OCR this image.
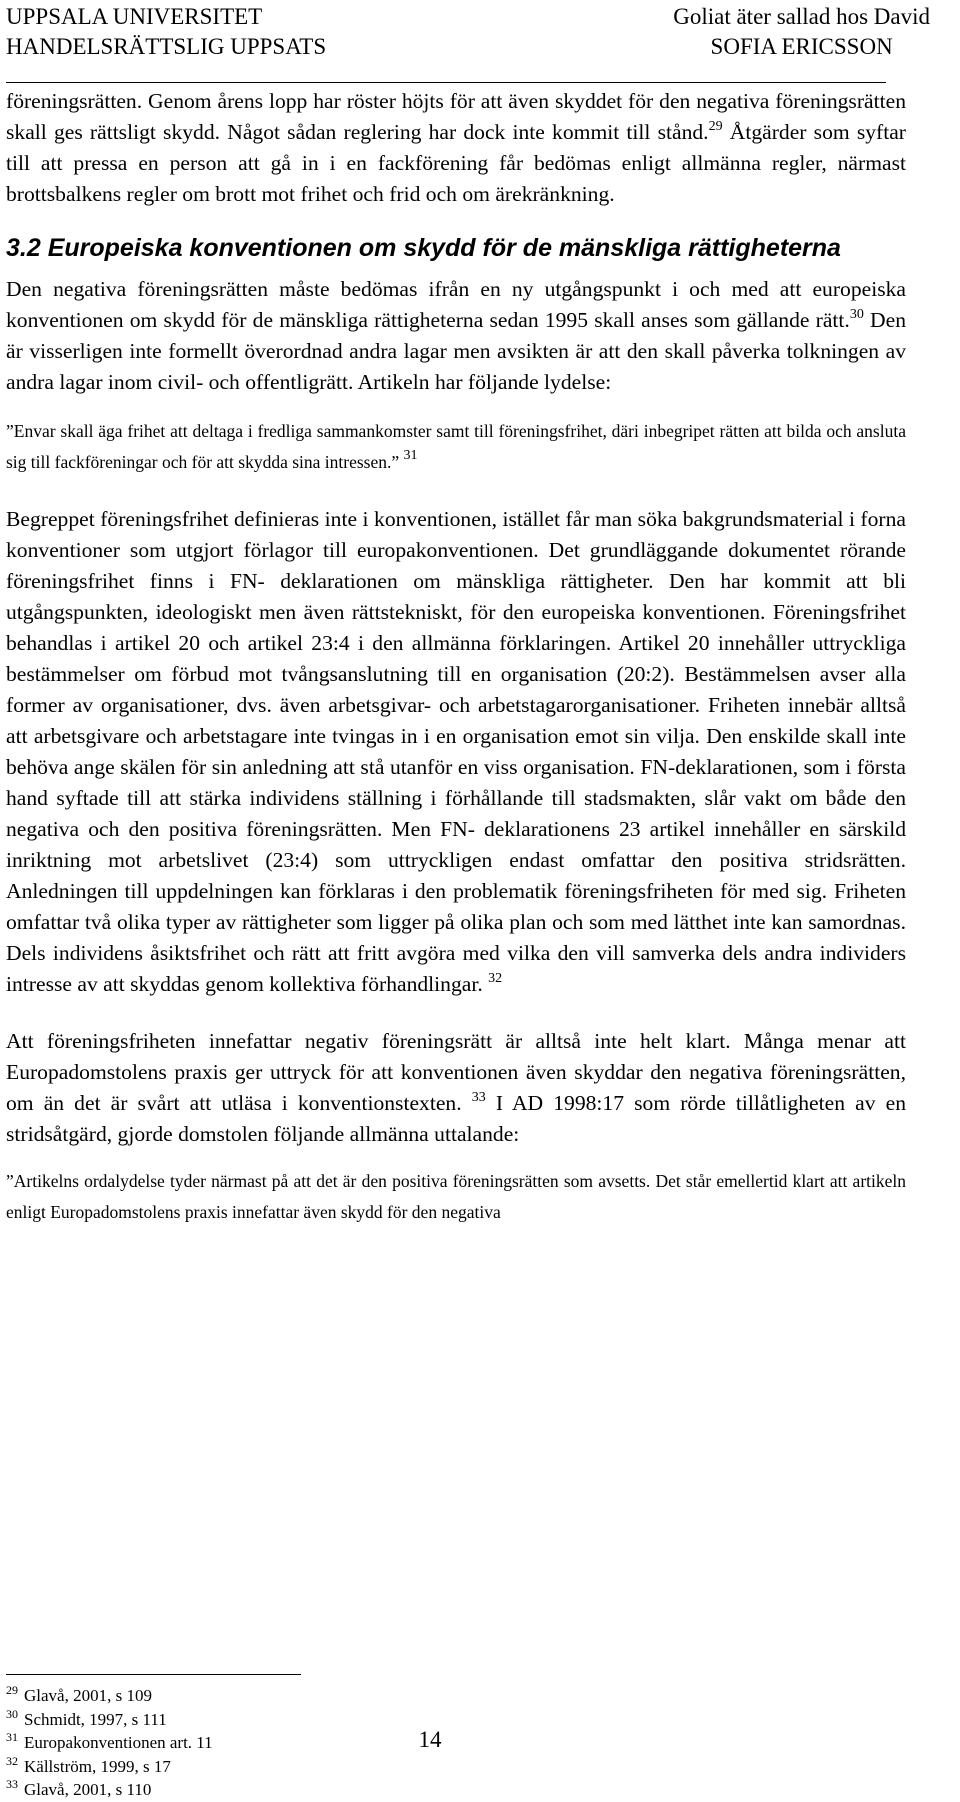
UPPSALA UNIVERSITET
HANDELSRÄTTSLIG UPPSATS
Goliat äter sallad hos David
SOFIA ERICSSON

föreningsrätten. Genom årens lopp har röster höjts för att även skyddet för den negativa föreningsrätten skall ges rättsligt skydd. Något sådan reglering har dock inte kommit till stånd.$^{29}$ Åtgärder som syftar till att pressa en person att gå in i en fackförening får bedömas enligt allmänna regler, närmast brottsbalkens regler om brott mot frihet och frid och om ärekränkning.

3.2 Europeiska konventionen om skydd för de mänskliga rättigheterna

Den negativa föreningsrätten måste bedömas ifrån en ny utgångspunkt i och med att europeiska konventionen om skydd för de mänskliga rättigheterna sedan 1995 skall anses som gällande rätt.$^{30}$ Den är visserligen inte formellt överordnad andra lagar men avsikten är att den skall påverka tolkningen av andra lagar inom civil- och offentligrätt. Artikeln har följande lydelse:

”Envar skall äga frihet att deltaga i fredliga sammankomster samt till föreningsfrihet, däri inbegripet rätten att bilda och ansluta sig till fackföreningar och för att skydda sina intressen.” $^{31}$

Begreppet föreningsfrihet definieras inte i konventionen, istället får man söka bakgrundsmaterial i forna konventioner som utgjort förlagor till europakonventionen. Det grundläggande dokumentet rörande föreningsfrihet finns i FN- deklarationen om mänskliga rättigheter. Den har kommit att bli utgångspunkten, ideologiskt men även rättstekniskt, för den europeiska konventionen. Föreningsfrihet behandlas i artikel 20 och artikel 23:4 i den allmänna förklaringen. Artikel 20 innehåller uttryckliga bestämmelser om förbud mot tvångsanslutning till en organisation (20:2). Bestämmelsen avser alla former av organisationer, dvs. även arbetsgivar- och arbetstagarorganisationer. Friheten innebär alltså att arbetsgivare och arbetstagare inte tvingas in i en organisation emot sin vilja. Den enskilde skall inte behöva ange skälen för sin anledning att stå utanför en viss organisation. FN-deklarationen, som i första hand syftade till att stärka individens ställning i förhållande till stadsmakten, slår vakt om både den negativa och den positiva föreningsrätten. Men FN- deklarationens 23 artikel innehåller en särskild inriktning mot arbetslivet (23:4) som uttryckligen endast omfattar den positiva stridsrätten. Anledningen till uppdelningen kan förklaras i den problematik föreningsfriheten för med sig. Friheten omfattar två olika typer av rättigheter som ligger på olika plan och som med lätthet inte kan samordnas. Dels individens åsiktsfrihet och rätt att fritt avgöra med vilka den vill samverka dels andra individers intresse av att skyddas genom kollektiva förhandlingar. $^{32}$

Att föreningsfriheten innefattar negativ föreningsrätt är alltså inte helt klart. Många menar att Europadomstolens praxis ger uttryck för att konventionen även skyddar den negativa föreningsrätten, om än det är svårt att utläsa i konventionstexten. $^{33}$ I AD 1998:17 som rörde tillåtligheten av en stridsåtgärd, gjorde domstolen följande allmänna uttalande:

”Artikelns ordalydelse tyder närmast på att det är den positiva föreningsrätten som avsetts. Det står emellertid klart att artikeln enligt Europadomstolens praxis innefattar även skydd för den negativa

$^{29}$ Glavå, 2001, s 109
$^{30}$ Schmidt, 1997, s 111
$^{31}$ Europakonventionen art. 11
$^{32}$ Källström, 1999, s 17
$^{33}$ Glavå, 2001, s 110
14
